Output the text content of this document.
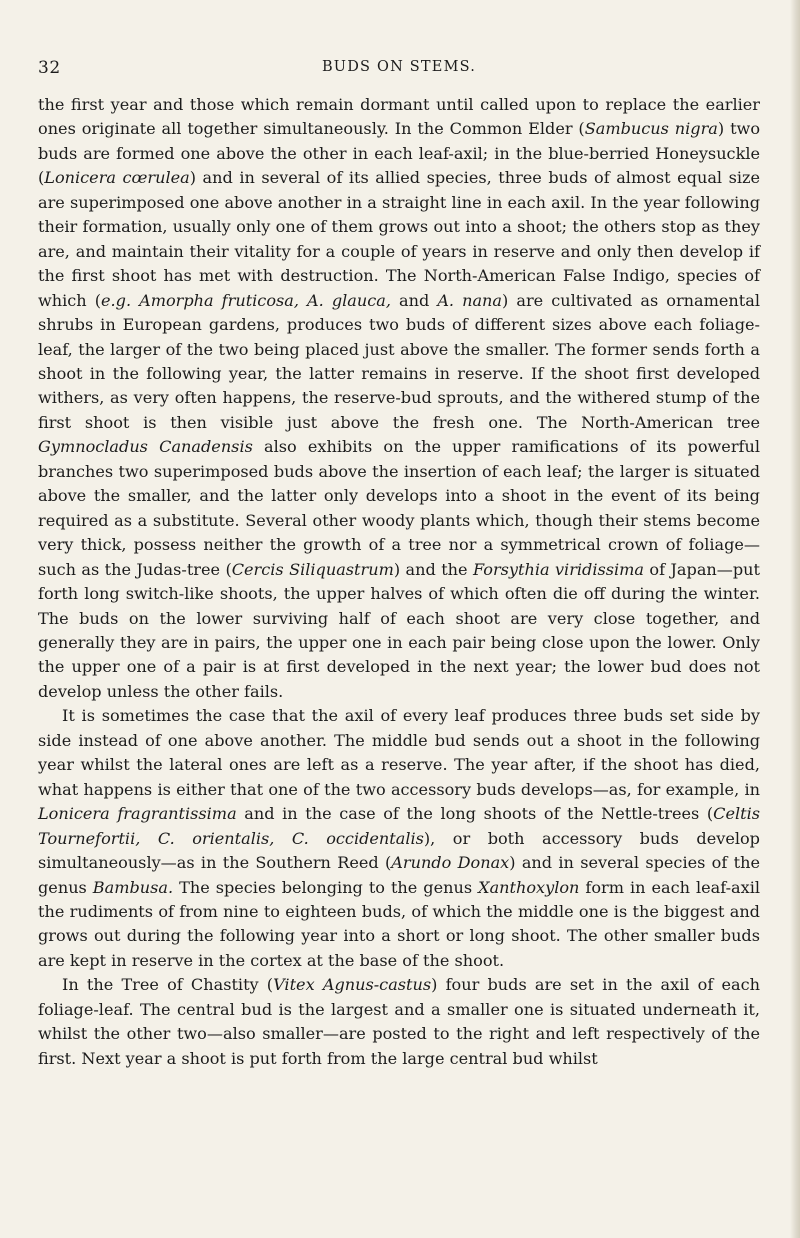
32	BUDS ON STEMS.

the first year and those which remain dormant until called upon to replace the earlier ones originate all together simultaneously. In the Common Elder (Sambucus nigra) two buds are formed one above the other in each leaf-axil; in the blue-berried Honeysuckle (Lonicera cœrulea) and in several of its allied species, three buds of almost equal size are superimposed one above another in a straight line in each axil. In the year following their formation, usually only one of them grows out into a shoot; the others stop as they are, and maintain their vitality for a couple of years in reserve and only then develop if the first shoot has met with destruction. The North-American False Indigo, species of which (e.g. Amorpha fruticosa, A. glauca, and A. nana) are cultivated as ornamental shrubs in European gardens, produces two buds of different sizes above each foliage-leaf, the larger of the two being placed just above the smaller. The former sends forth a shoot in the following year, the latter remains in reserve. If the shoot first developed withers, as very often happens, the reserve-bud sprouts, and the withered stump of the first shoot is then visible just above the fresh one. The North-American tree Gymnocladus Canadensis also exhibits on the upper ramifications of its powerful branches two superimposed buds above the insertion of each leaf; the larger is situated above the smaller, and the latter only develops into a shoot in the event of its being required as a substitute. Several other woody plants which, though their stems become very thick, possess neither the growth of a tree nor a symmetrical crown of foliage—such as the Judas-tree (Cercis Siliquastrum) and the Forsythia viridissima of Japan—put forth long switch-like shoots, the upper halves of which often die off during the winter. The buds on the lower surviving half of each shoot are very close together, and generally they are in pairs, the upper one in each pair being close upon the lower. Only the upper one of a pair is at first developed in the next year; the lower bud does not develop unless the other fails.

It is sometimes the case that the axil of every leaf produces three buds set side by side instead of one above another. The middle bud sends out a shoot in the following year whilst the lateral ones are left as a reserve. The year after, if the shoot has died, what happens is either that one of the two accessory buds develops—as, for example, in Lonicera fragrantissima and in the case of the long shoots of the Nettle-trees (Celtis Tournefortii, C. orientalis, C. occidentalis), or both accessory buds develop simultaneously—as in the Southern Reed (Arundo Donax) and in several species of the genus Bambusa. The species belonging to the genus Xanthoxylon form in each leaf-axil the rudiments of from nine to eighteen buds, of which the middle one is the biggest and grows out during the following year into a short or long shoot. The other smaller buds are kept in reserve in the cortex at the base of the shoot.

In the Tree of Chastity (Vitex Agnus-castus) four buds are set in the axil of each foliage-leaf. The central bud is the largest and a smaller one is situated underneath it, whilst the other two—also smaller—are posted to the right and left respectively of the first. Next year a shoot is put forth from the large central bud whilst
